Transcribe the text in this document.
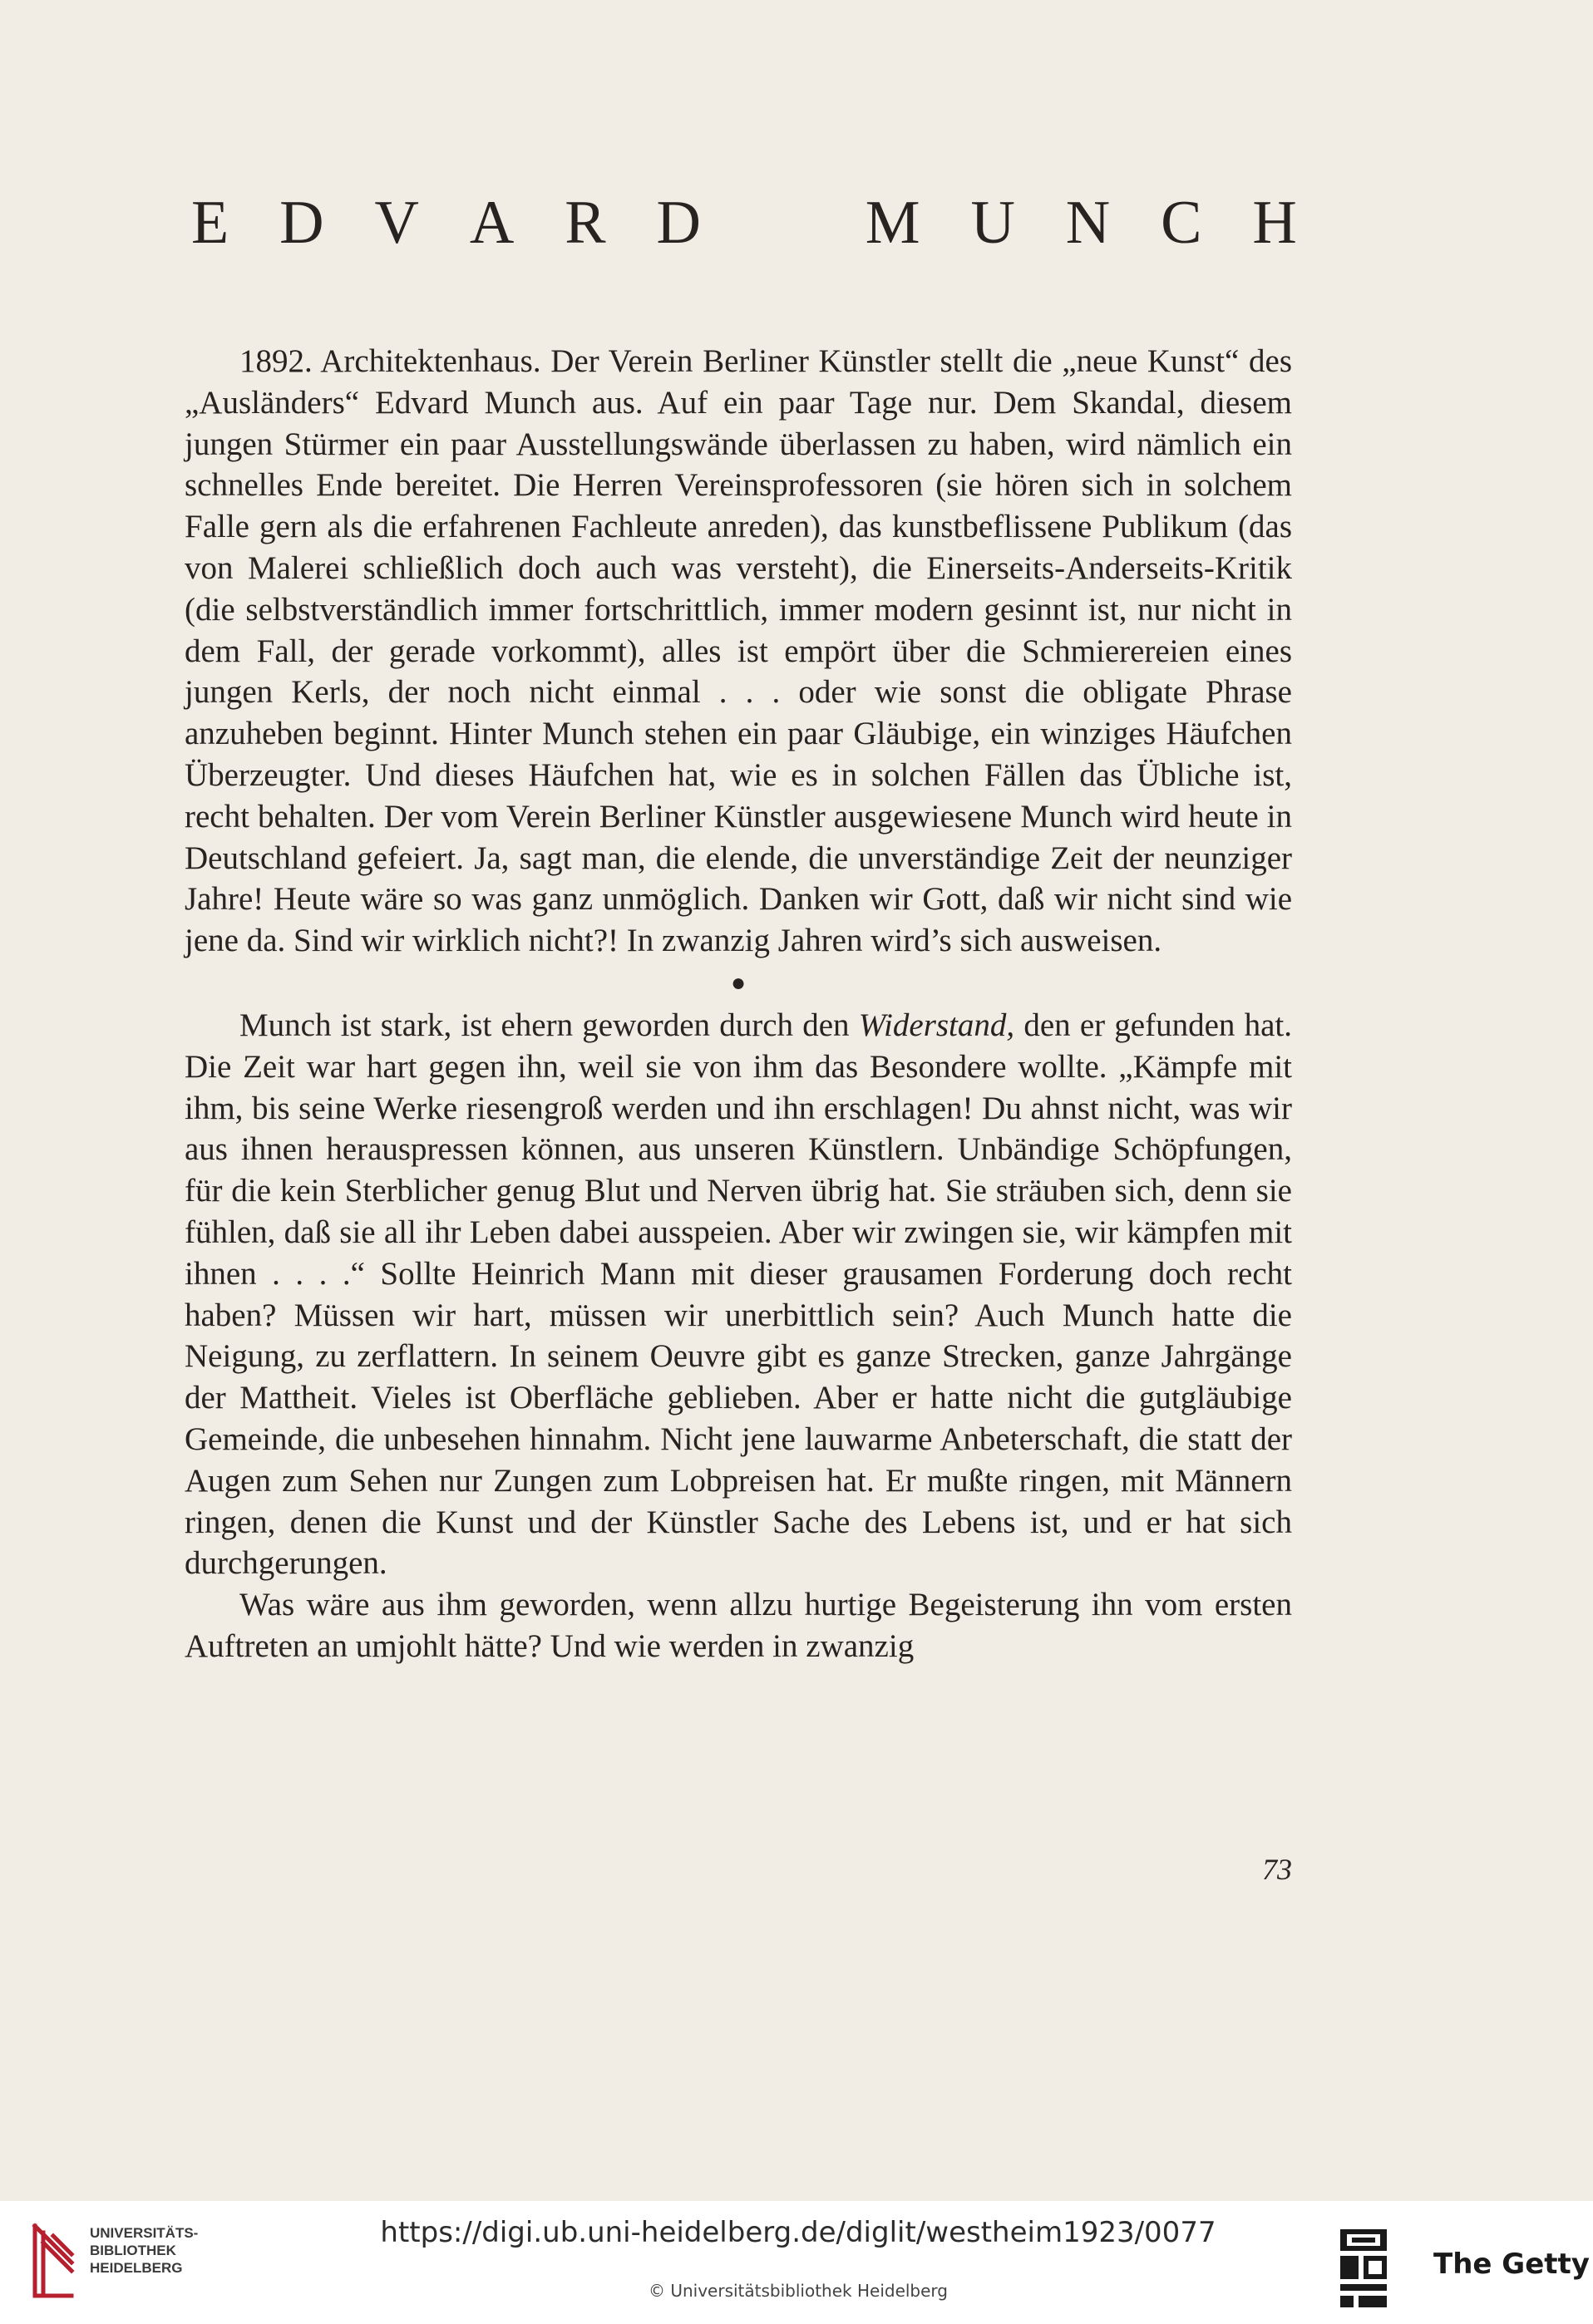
E D V A R D	M U N C H

1892. Architektenhaus. Der Verein Berliner Künstler stellt die „neue Kunst“ des „Ausländers“ Edvard Munch aus. Auf ein paar Tage nur. Dem Skandal, diesem jungen Stürmer ein paar Ausstellungswände überlassen zu haben, wird nämlich ein schnelles Ende bereitet. Die Herren Vereinsprofessoren (sie hören sich in solchem Falle gern als die erfahrenen Fachleute anreden), das kunstbeflissene Publikum (das von Malerei schließlich doch auch was versteht), die Einerseits-Anderseits-Kritik (die selbstverständlich immer fortschrittlich, immer modern gesinnt ist, nur nicht in dem Fall, der gerade vorkommt), alles ist empört über die Schmierereien eines jungen Kerls, der noch nicht einmal . . . oder wie sonst die obligate Phrase anzuheben beginnt. Hinter Munch stehen ein paar Gläubige, ein winziges Häufchen Überzeugter. Und dieses Häufchen hat, wie es in solchen Fällen das Übliche ist, recht behalten. Der vom Verein Berliner Künstler ausgewiesene Munch wird heute in Deutschland gefeiert. Ja, sagt man, die elende, die unverständige Zeit der neunziger Jahre! Heute wäre so was ganz unmöglich. Danken wir Gott, daß wir nicht sind wie jene da. Sind wir wirklich nicht?! In zwanzig Jahren wird’s sich ausweisen.

●

Munch ist stark, ist ehern geworden durch den Widerstand, den er gefunden hat. Die Zeit war hart gegen ihn, weil sie von ihm das Besondere wollte. „Kämpfe mit ihm, bis seine Werke riesengroß werden und ihn erschlagen! Du ahnst nicht, was wir aus ihnen herauspressen können, aus unseren Künstlern. Unbändige Schöpfungen, für die kein Sterblicher genug Blut und Nerven übrig hat. Sie sträuben sich, denn sie fühlen, daß sie all ihr Leben dabei ausspeien. Aber wir zwingen sie, wir kämpfen mit ihnen . . . .“ Sollte Heinrich Mann mit dieser grausamen Forderung doch recht haben? Müssen wir hart, müssen wir unerbittlich sein? Auch Munch hatte die Neigung, zu zerflattern. In seinem Oeuvre gibt es ganze Strecken, ganze Jahrgänge der Mattheit. Vieles ist Oberfläche geblieben. Aber er hatte nicht die gutgläubige Gemeinde, die unbesehen hinnahm. Nicht jene lauwarme Anbeterschaft, die statt der Augen zum Sehen nur Zungen zum Lobpreisen hat. Er mußte ringen, mit Männern ringen, denen die Kunst und der Künstler Sache des Lebens ist, und er hat sich durchgerungen.

Was wäre aus ihm geworden, wenn allzu hurtige Begeisterung ihn vom ersten Auftreten an umjohlt hätte? Und wie werden in zwanzig

73
UNIVERSITÄTS-
BIBLIOTHEK
HEIDELBERG
https://digi.ub.uni-heidelberg.de/diglit/westheim1923/0077
© Universitätsbibliothek Heidelberg
The Getty
